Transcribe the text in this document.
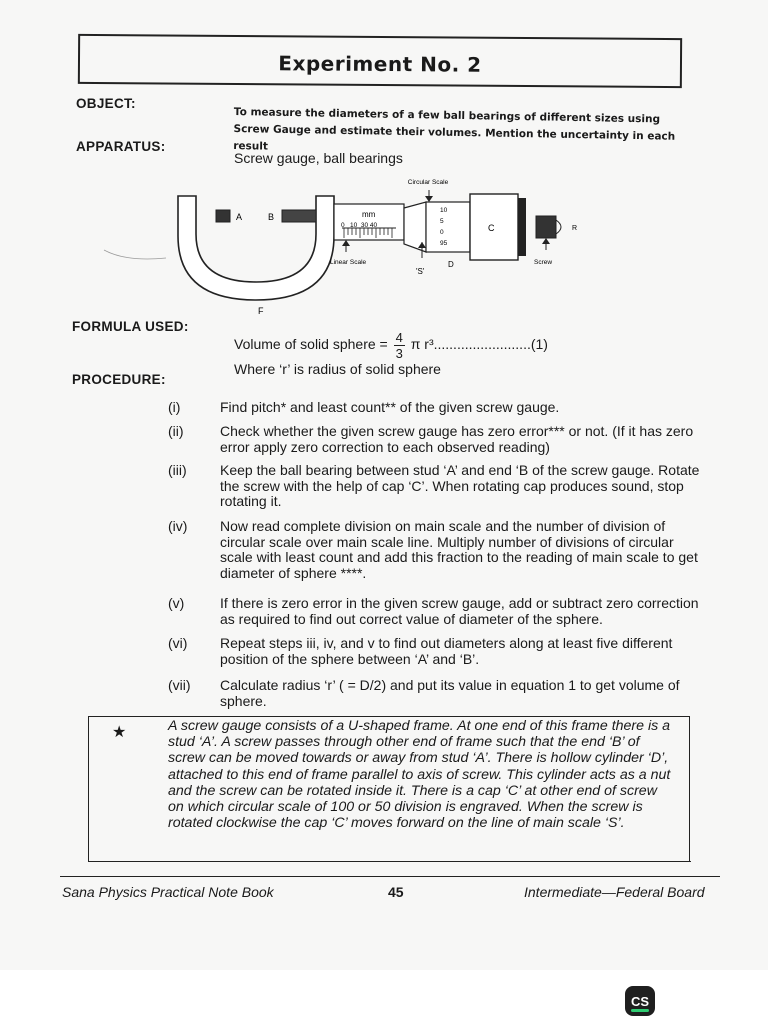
Experiment No. 2
OBJECT:
To measure the diameters of a few ball bearings of different sizes using Screw Gauge and estimate their volumes. Mention the uncertainty in each result
APPARATUS:
Screw gauge, ball bearings
Circular Scale
A	B	mm
0   10  30 40
10
5
0
95
C	R
Linear Scale
'S'
D	Screw
F
FORMULA USED:
Volume of solid sphere = $\frac{4}{3}$ π r³.........................(1)
Where ‘r’ is radius of solid sphere
PROCEDURE:
(i)	Find pitch* and least count** of the given screw gauge.
(ii)	Check whether the given screw gauge has zero error*** or not. (If it has zero error apply zero correction to each observed reading)
(iii)	Keep the ball bearing between stud ‘A’ and end ‘B of the screw gauge. Rotate the screw with the help of cap ‘C’. When rotating cap produces sound, stop rotating it.
(iv)	Now read complete division on main scale and the number of division of circular scale over main scale line. Multiply number of divisions of circular scale with least count and add this fraction to the reading of main scale to get diameter of sphere ****.
(v)	If there is zero error in the given screw gauge, add or subtract zero correction as required to find out correct value of diameter of the sphere.
(vi)	Repeat steps iii, iv, and v to find out diameters along at least five different position of the sphere between ‘A’ and ‘B’.
(vii)	Calculate radius ‘r’ ( = D/2) and put its value in equation 1 to get volume of sphere.
★	A screw gauge consists of a U-shaped frame. At one end of this frame there is a stud ‘A’. A screw passes through other end of frame such that the end ‘B’ of screw can be moved towards or away from stud ‘A’. There is hollow cylinder ‘D’, attached to this end of frame parallel to axis of screw. This cylinder acts as a nut and the screw can be rotated inside it. There is a cap ‘C’ at other end of screw on which circular scale of 100 or 50 division is engraved. When the screw is rotated clockwise the cap ‘C’ moves forward on the line of main scale ‘S’.
Sana Physics Practical Note Book	45	Intermediate—Federal Board
CS
